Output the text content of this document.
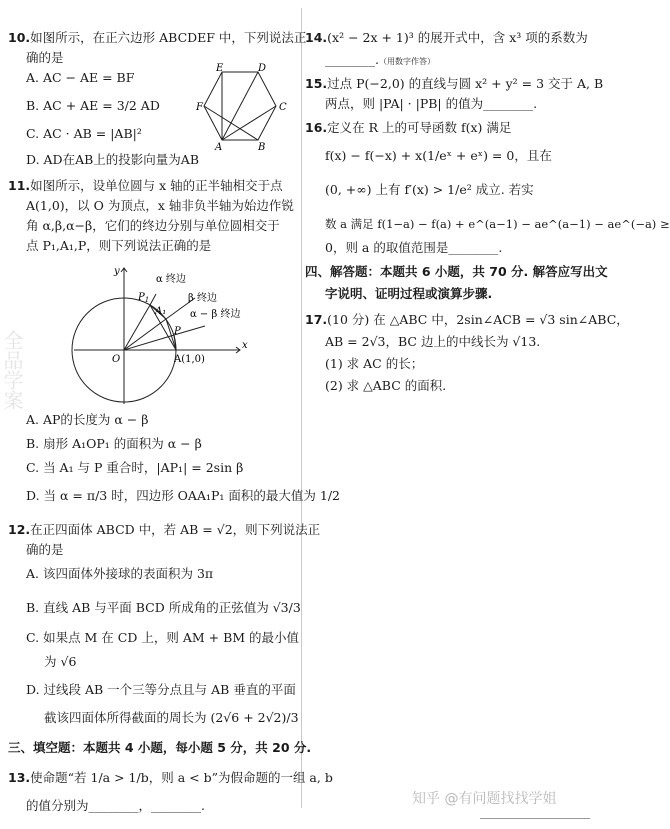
全品学案
10.如图所示，在正六边形 ABCDEF 中，下列说法正
确的是
A. AC − AE = BF
B. AC + AE = 3/2 AD
C. AC · AB = |AB|²
D. AD在AB上的投影向量为AB
E	D
F	C
A	B
11.如图所示，设单位圆与 x 轴的正半轴相交于点
A(1,0)，以 O 为顶点，x 轴非负半轴为始边作锐
角 α,β,α−β，它们的终边分别与单位圆相交于
点 P₁,A₁,P，则下列说法正确的是
y
x
O	A(1,0)
$P_1$
A₁
P
α 终边
β 终边
α − β 终边
A. AP的长度为 α − β
B. 扇形 A₁OP₁ 的面积为 α − β
C. 当 A₁ 与 P 重合时，|AP₁| = 2sin β
D. 当 α = π/3 时，四边形 OAA₁P₁ 面积的最大值为 1/2
12.在正四面体 ABCD 中，若 AB = √2，则下列说法正
确的是
A. 该四面体外接球的表面积为 3π
B. 直线 AB 与平面 BCD 所成角的正弦值为 √3/3
C. 如果点 M 在 CD 上，则 AM + BM 的最小值
为 √6
D. 过线段 AB 一个三等分点且与 AB 垂直的平面
截该四面体所得截面的周长为 (2√6 + 2√2)/3
三、填空题：本题共 4 小题，每小题 5 分，共 20 分.
13.使命题“若 1/a > 1/b，则 a < b”为假命题的一组 a, b
的值分别为________，________.
14.(x² − 2x + 1)³ 的展开式中，含 x³ 项的系数为
________.（用数字作答）
15.过点 P(−2,0) 的直线与圆 x² + y² = 3 交于 A, B
两点，则 |PA| · |PB| 的值为________.
16.定义在 R 上的可导函数 f(x) 满足
f(x) − f(−x) + x(1/eˣ + eˣ) = 0，且在
(0, +∞) 上有 f′(x) > 1/e² 成立. 若实
数 a 满足 f(1−a) − f(a) + e^(a−1) − ae^(a−1) − ae^(−a) ≥
0，则 a 的取值范围是________.
四、解答题：本题共 6 小题，共 70 分. 解答应写出文
字说明、证明过程或演算步骤.
17.(10 分) 在 △ABC 中，2sin∠ACB = √3 sin∠ABC，
AB = 2√3，BC 边上的中线长为 √13.
(1) 求 AC 的长；
(2) 求 △ABC 的面积.
知乎 @有问题找找学姐
